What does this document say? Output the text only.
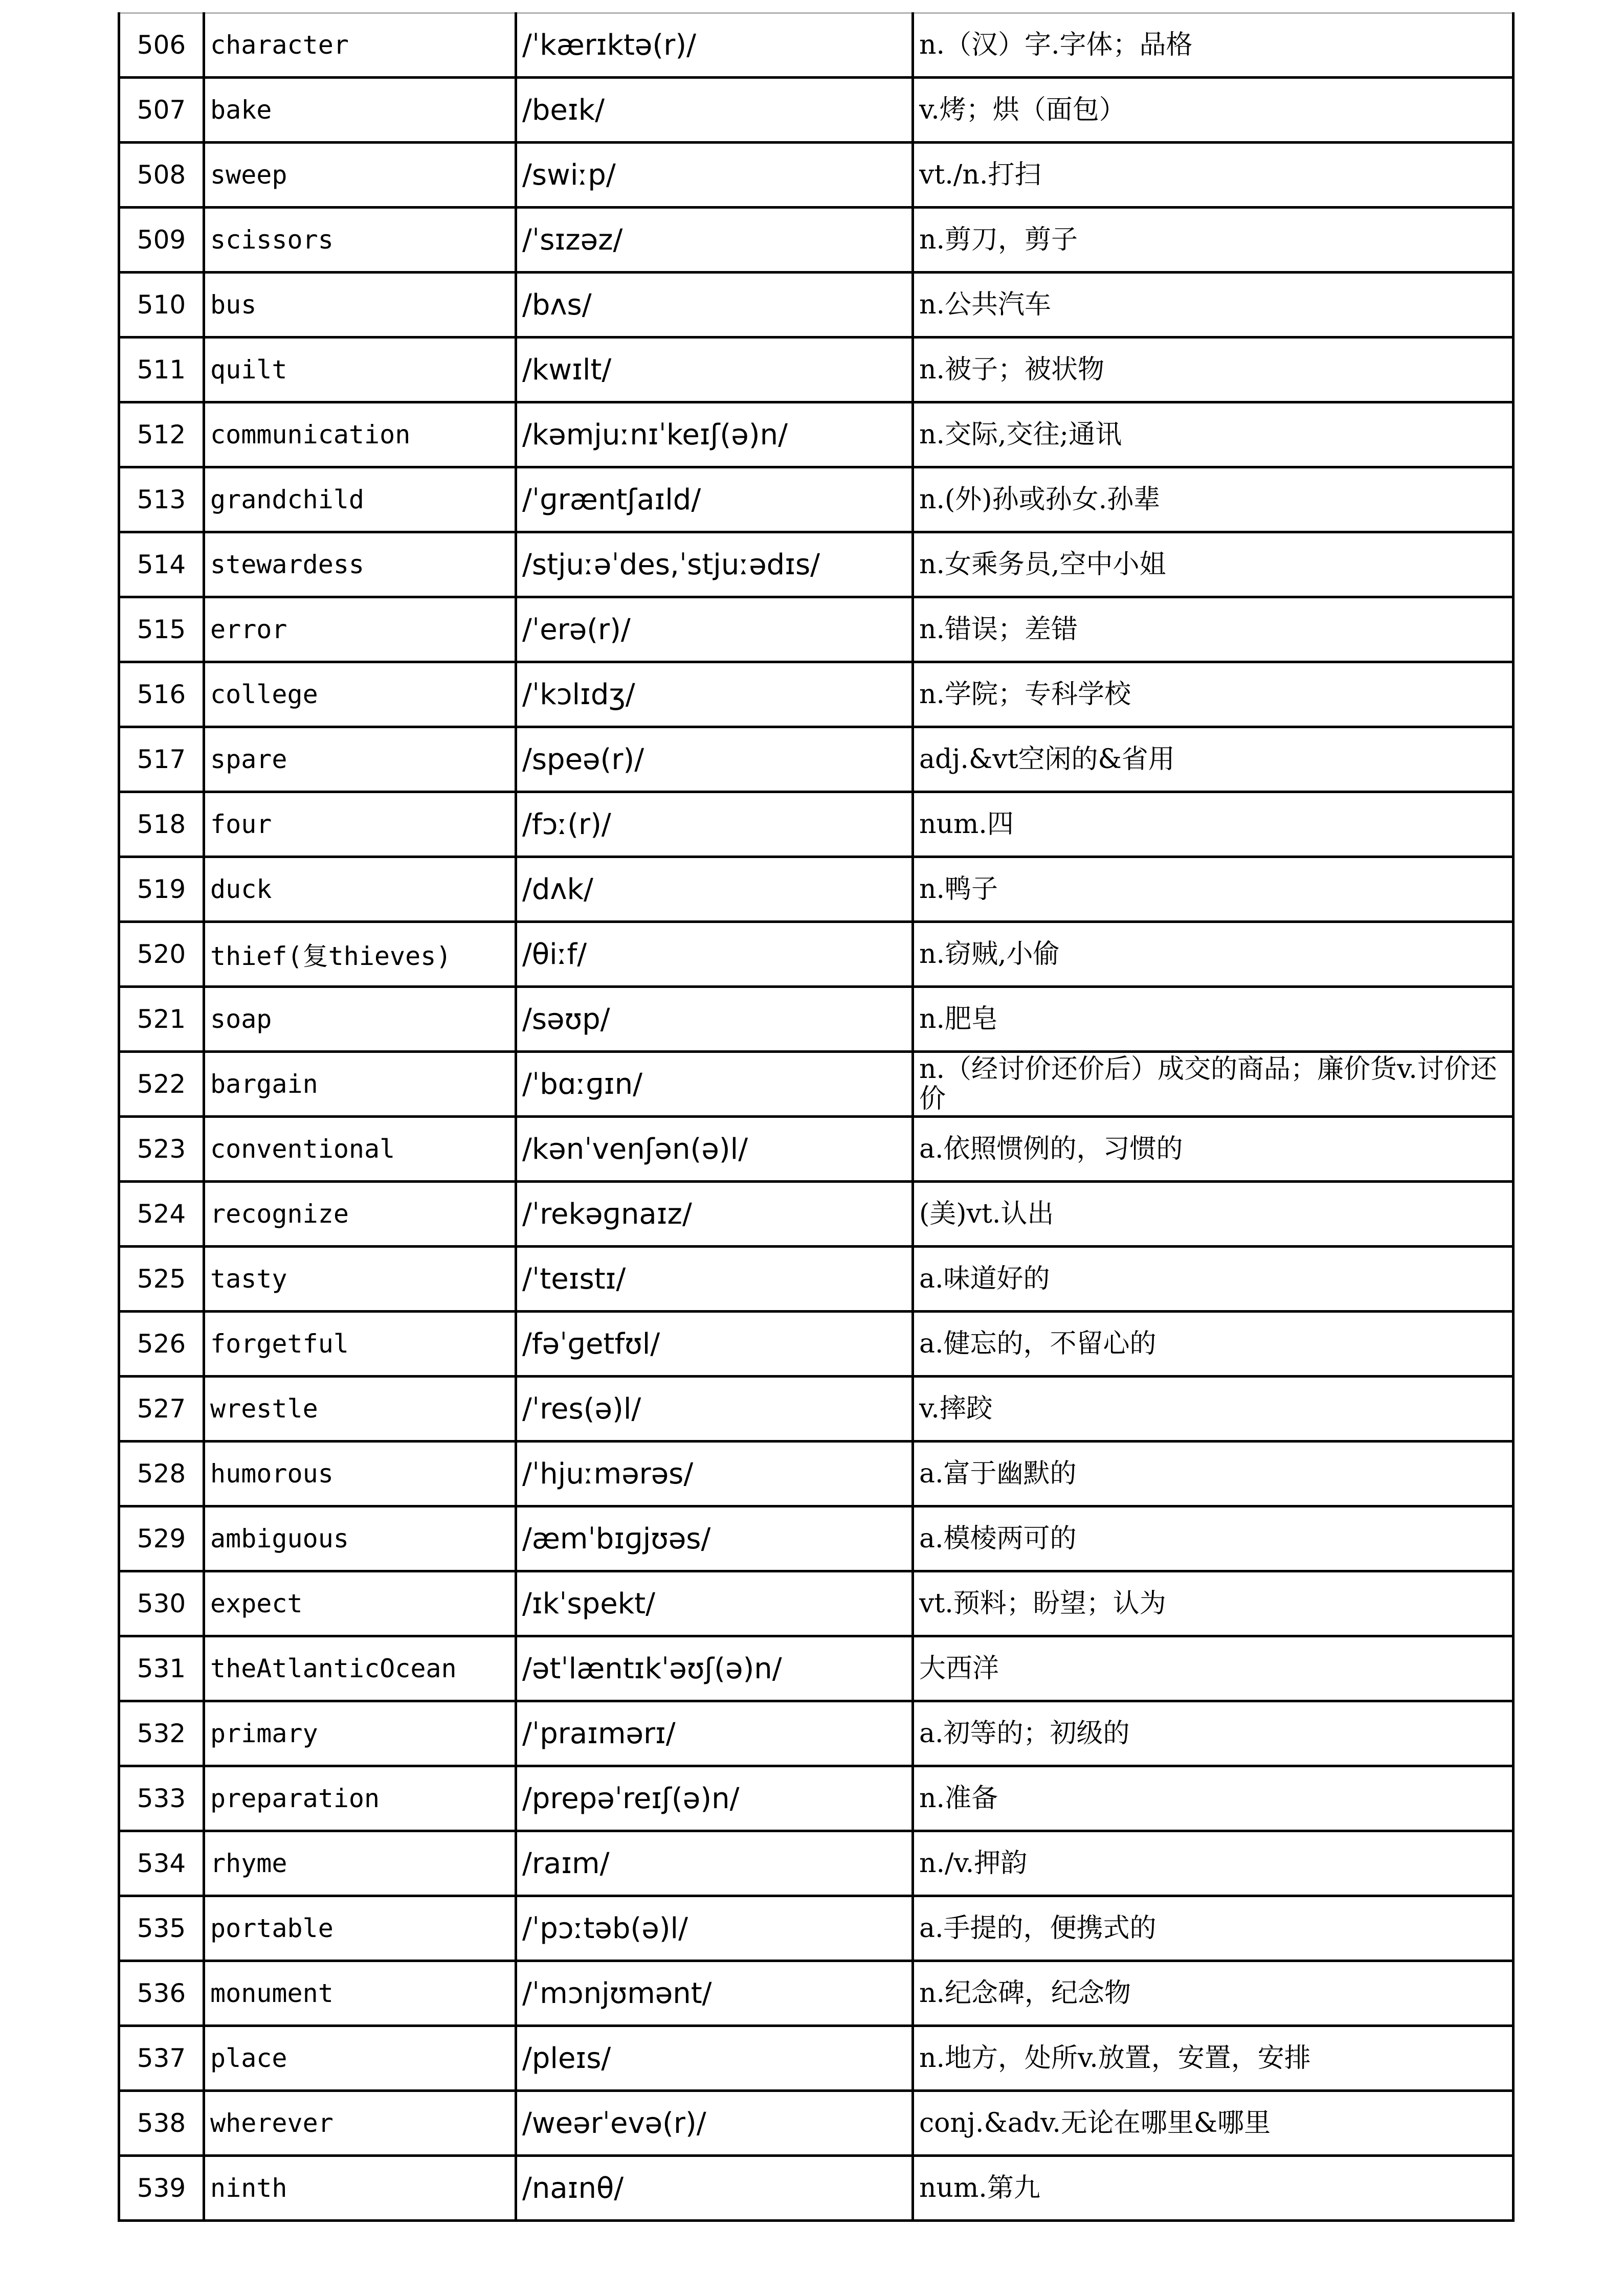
506	character	/ˈkærɪktə(r)/	n.（汉）字.字体；品格
507	bake	/beɪk/	v.烤；烘（面包）
508	sweep	/swiːp/	vt./n.打扫
509	scissors	/ˈsɪzəz/	n.剪刀，剪子
510	bus	/bʌs/	n.公共汽车
511	quilt	/kwɪlt/	n.被子；被状物
512	communication	/kəmjuːnɪˈkeɪʃ(ə)n/	n.交际,交往;通讯
513	grandchild	/ˈɡræntʃaɪld/	n.(外)孙或孙女.孙辈
514	stewardess	/stjuːəˈdes,ˈstjuːədɪs/	n.女乘务员,空中小姐
515	error	/ˈerə(r)/	n.错误；差错
516	college	/ˈkɔlɪdʒ/	n.学院；专科学校
517	spare	/speə(r)/	adj.&vt空闲的&省用
518	four	/fɔː(r)/	num.四
519	duck	/dʌk/	n.鸭子
520	thief(复thieves)	/θiːf/	n.窃贼,小偷
521	soap	/səʊp/	n.肥皂
522	bargain	/ˈbɑːɡɪn/	n.（经讨价还价后）成交的商品；廉价货v.讨价还价
523	conventional	/kənˈvenʃən(ə)l/	a.依照惯例的，习惯的
524	recognize	/ˈrekəɡnaɪz/	(美)vt.认出
525	tasty	/ˈteɪstɪ/	a.味道好的
526	forgetful	/fəˈɡetfʊl/	a.健忘的，不留心的
527	wrestle	/ˈres(ə)l/	v.摔跤
528	humorous	/ˈhjuːmərəs/	a.富于幽默的
529	ambiguous	/æmˈbɪɡjʊəs/	a.模棱两可的
530	expect	/ɪkˈspekt/	vt.预料；盼望；认为
531	theAtlanticOcean	/ətˈlæntɪkˈəʊʃ(ə)n/	大西洋
532	primary	/ˈpraɪmərɪ/	a.初等的；初级的
533	preparation	/prepəˈreɪʃ(ə)n/	n.准备
534	rhyme	/raɪm/	n./v.押韵
535	portable	/ˈpɔːtəb(ə)l/	a.手提的，便携式的
536	monument	/ˈmɔnjʊmənt/	n.纪念碑，纪念物
537	place	/pleɪs/	n.地方，处所v.放置，安置，安排
538	wherever	/weərˈevə(r)/	conj.&adv.无论在哪里&哪里
539	ninth	/naɪnθ/	num.第九
